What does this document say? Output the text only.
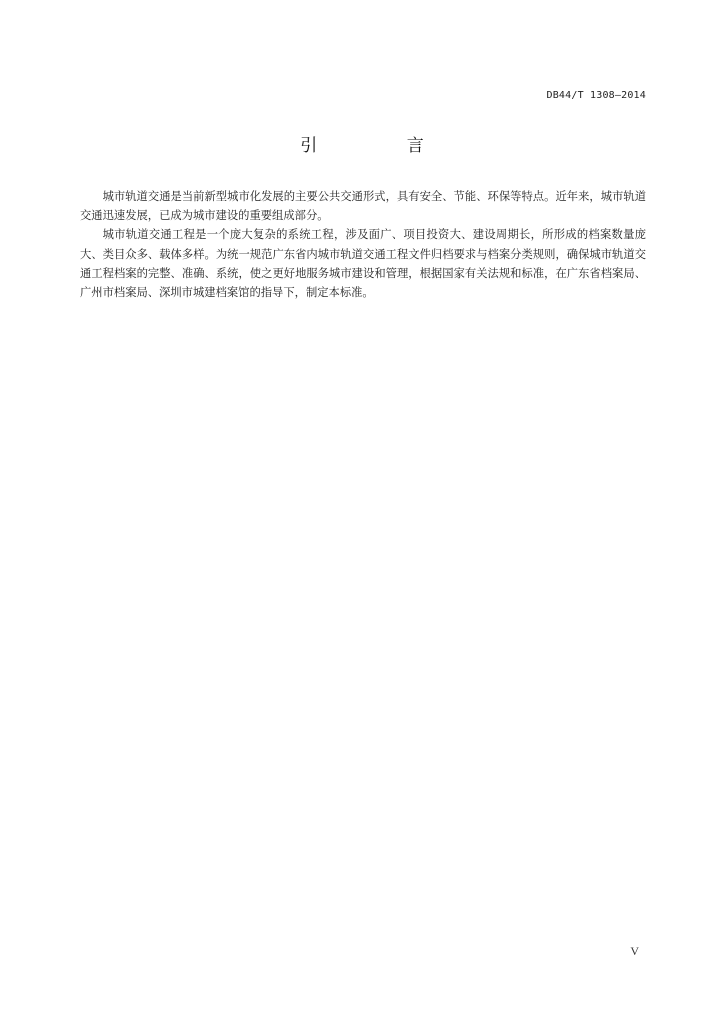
DB44/T 1308—2014
引 言

城市轨道交通是当前新型城市化发展的主要公共交通形式，具有安全、节能、环保等特点。近年来，城市轨道交通迅速发展，已成为城市建设的重要组成部分。

城市轨道交通工程是一个庞大复杂的系统工程，涉及面广、项目投资大、建设周期长，所形成的档案数量庞大、类目众多、载体多样。为统一规范广东省内城市轨道交通工程文件归档要求与档案分类规则，确保城市轨道交通工程档案的完整、准确、系统，使之更好地服务城市建设和管理，根据国家有关法规和标准，在广东省档案局、广州市档案局、深圳市城建档案馆的指导下，制定本标准。

V
